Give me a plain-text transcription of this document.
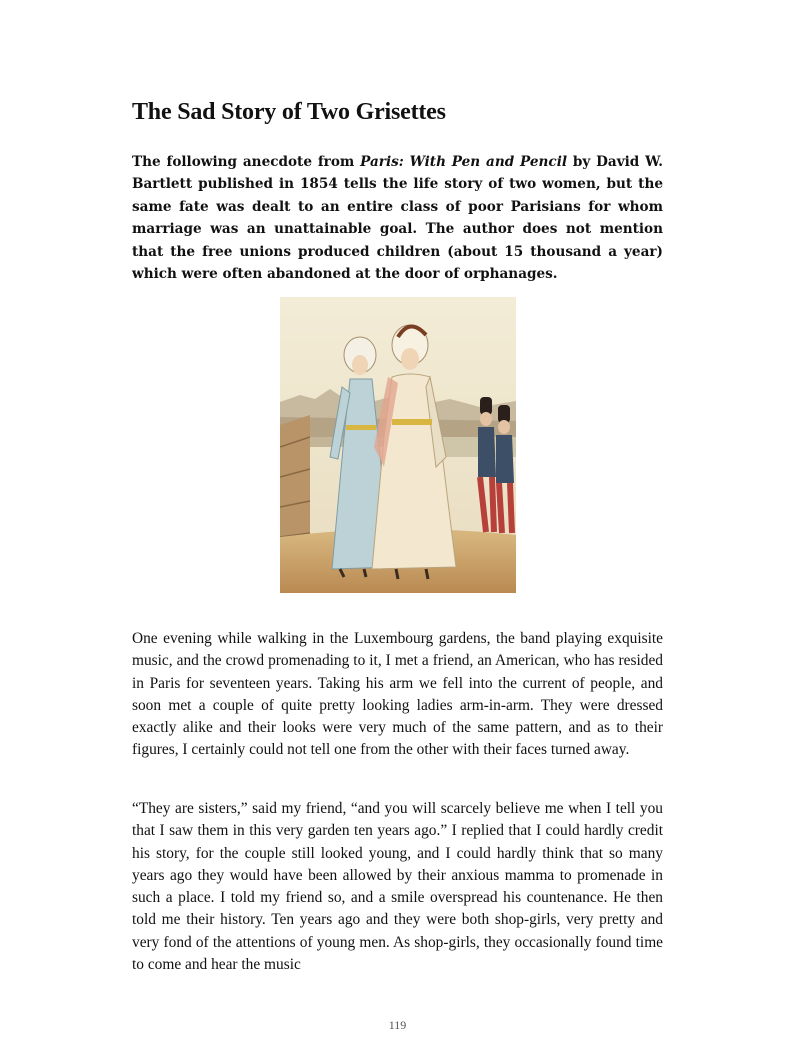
The Sad Story of Two Grisettes

The following anecdote from Paris: With Pen and Pencil by David W. Bartlett published in 1854 tells the life story of two women, but the same fate was dealt to an entire class of poor Parisians for whom marriage was an unattainable goal. The author does not mention that the free unions produced children (about 15 thousand a year) which were often abandoned at the door of orphanages.

One evening while walking in the Luxembourg gardens, the band playing exquisite music, and the crowd promenading to it, I met a friend, an American, who has resided in Paris for seventeen years. Taking his arm we fell into the current of people, and soon met a couple of quite pretty looking ladies arm-in-arm. They were dressed exactly alike and their looks were very much of the same pattern, and as to their figures, I certainly could not tell one from the other with their faces turned away.

“They are sisters,” said my friend, “and you will scarcely believe me when I tell you that I saw them in this very garden ten years ago.” I replied that I could hardly credit his story, for the couple still looked young, and I could hardly think that so many years ago they would have been allowed by their anxious mamma to promenade in such a place. I told my friend so, and a smile overspread his countenance. He then told me their history. Ten years ago and they were both shop-girls, very pretty and very fond of the attentions of young men. As shop-girls, they occasionally found time to come and hear the music

119
